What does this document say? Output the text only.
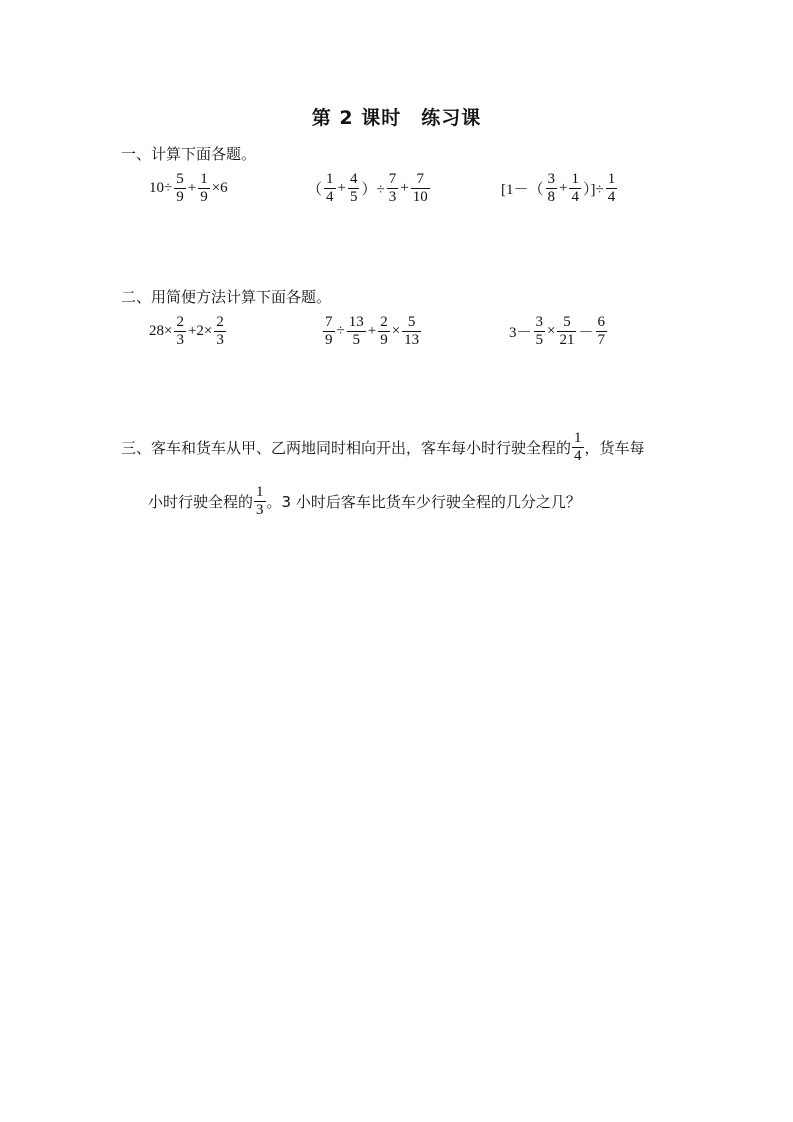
第 2 课时　练习课
一、计算下面各题。
$10\div \frac{5}{9} + \frac{1}{9} \times 6$	（ $\frac{1}{4} + \frac{4}{5}$ ）÷ $\frac{7}{3} + \frac{7}{10}$	[$1-( \frac{3}{8} + \frac{1}{4}$ ）]÷ $\frac{1}{4}$
二、用简便方法计算下面各题。
$28\times \frac{2}{3} +2\times \frac{2}{3}$	$\frac{7}{9} \div \frac{13}{5} + \frac{2}{9} \times \frac{5}{13}$	$3- \frac{3}{5} \times \frac{5}{21} - \frac{6}{7}$
三、客车和货车从甲、乙两地同时相向开出，客车每小时行驶全程的 $\frac{1}{4}$ ，货车每
小时行驶全程的 $\frac{1}{3}$ 。3 小时后客车比货车少行驶全程的几分之几？
